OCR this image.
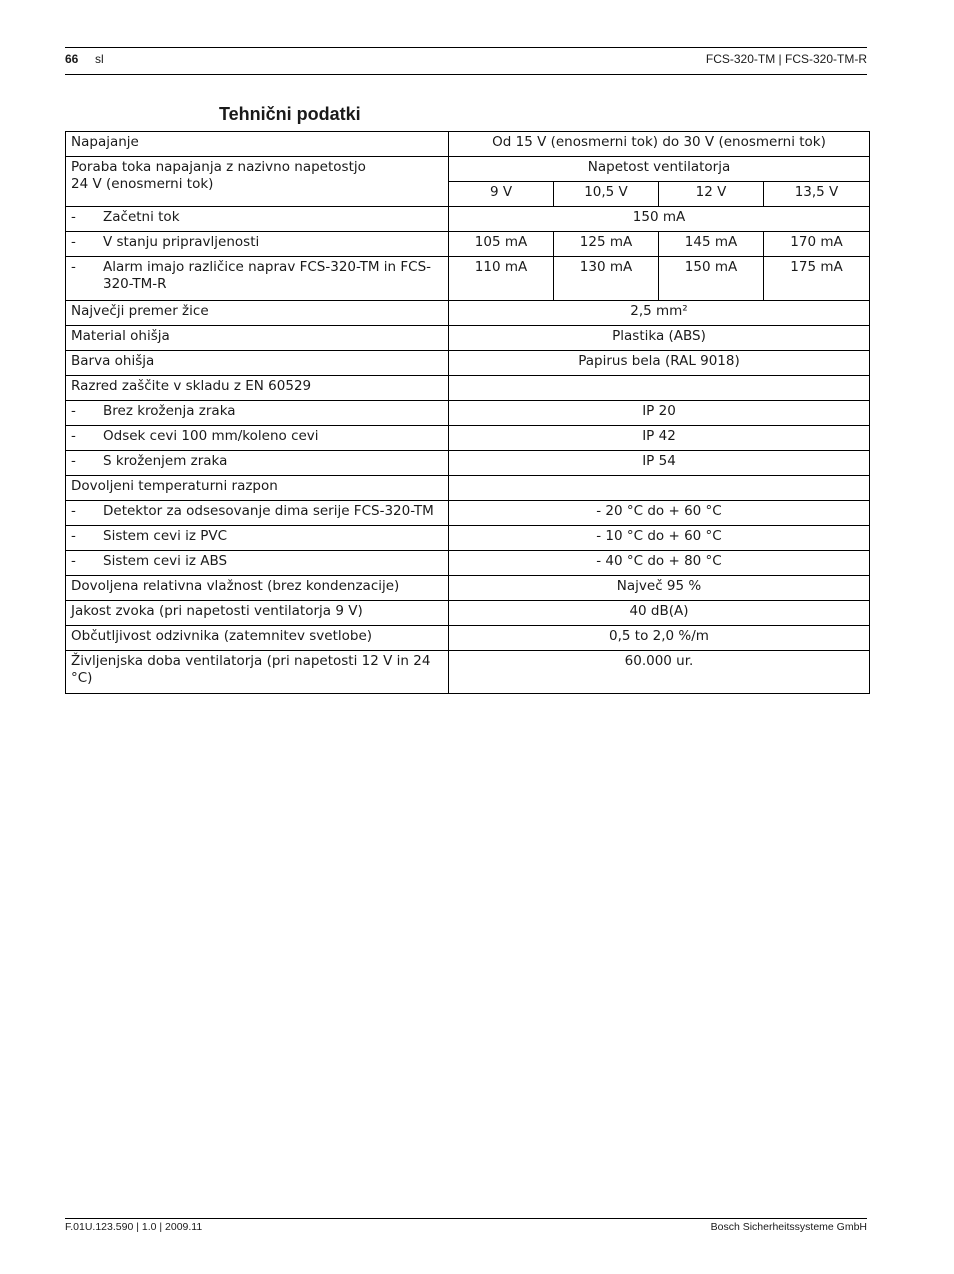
66 sl	FCS-320-TM | FCS-320-TM-R
Tehnični podatki
Napajanje	Od 15 V (enosmerni tok) do 30 V (enosmerni tok)			
Poraba toka napajanja z nazivno napetostjo
24 V (enosmerni tok)	Napetost ventilatorja			
	9 V	10,5 V	12 V	13,5 V
- Začetni tok	150 mA			
- V stanju pripravljenosti	105 mA	125 mA	145 mA	170 mA
- Alarm imajo različice naprav FCS-320-TM in FCS-320-TM-R	110 mA	130 mA	150 mA	175 mA
Največji premer žice	2,5 mm²			
Material ohišja	Plastika (ABS)			
Barva ohišja	Papirus bela (RAL 9018)			
Razred zaščite v skladu z EN 60529				
- Brez kroženja zraka	IP 20			
- Odsek cevi 100 mm/koleno cevi	IP 42			
- S kroženjem zraka	IP 54			
Dovoljeni temperaturni razpon				
- Detektor za odsesovanje dima serije FCS-320-TM	- 20 °C do + 60 °C			
- Sistem cevi iz PVC	- 10 °C do + 60 °C			
- Sistem cevi iz ABS	- 40 °C do + 80 °C			
Dovoljena relativna vlažnost (brez kondenzacije)	Največ 95 %			
Jakost zvoka (pri napetosti ventilatorja 9 V)	40 dB(A)			
Občutljivost odzivnika (zatemnitev svetlobe)	0,5 to 2,0 %/m			
Življenjska doba ventilatorja (pri napetosti 12 V in 24 °C)	60.000 ur.			
F.01U.123.590 | 1.0 | 2009.11	Bosch Sicherheitssysteme GmbH
